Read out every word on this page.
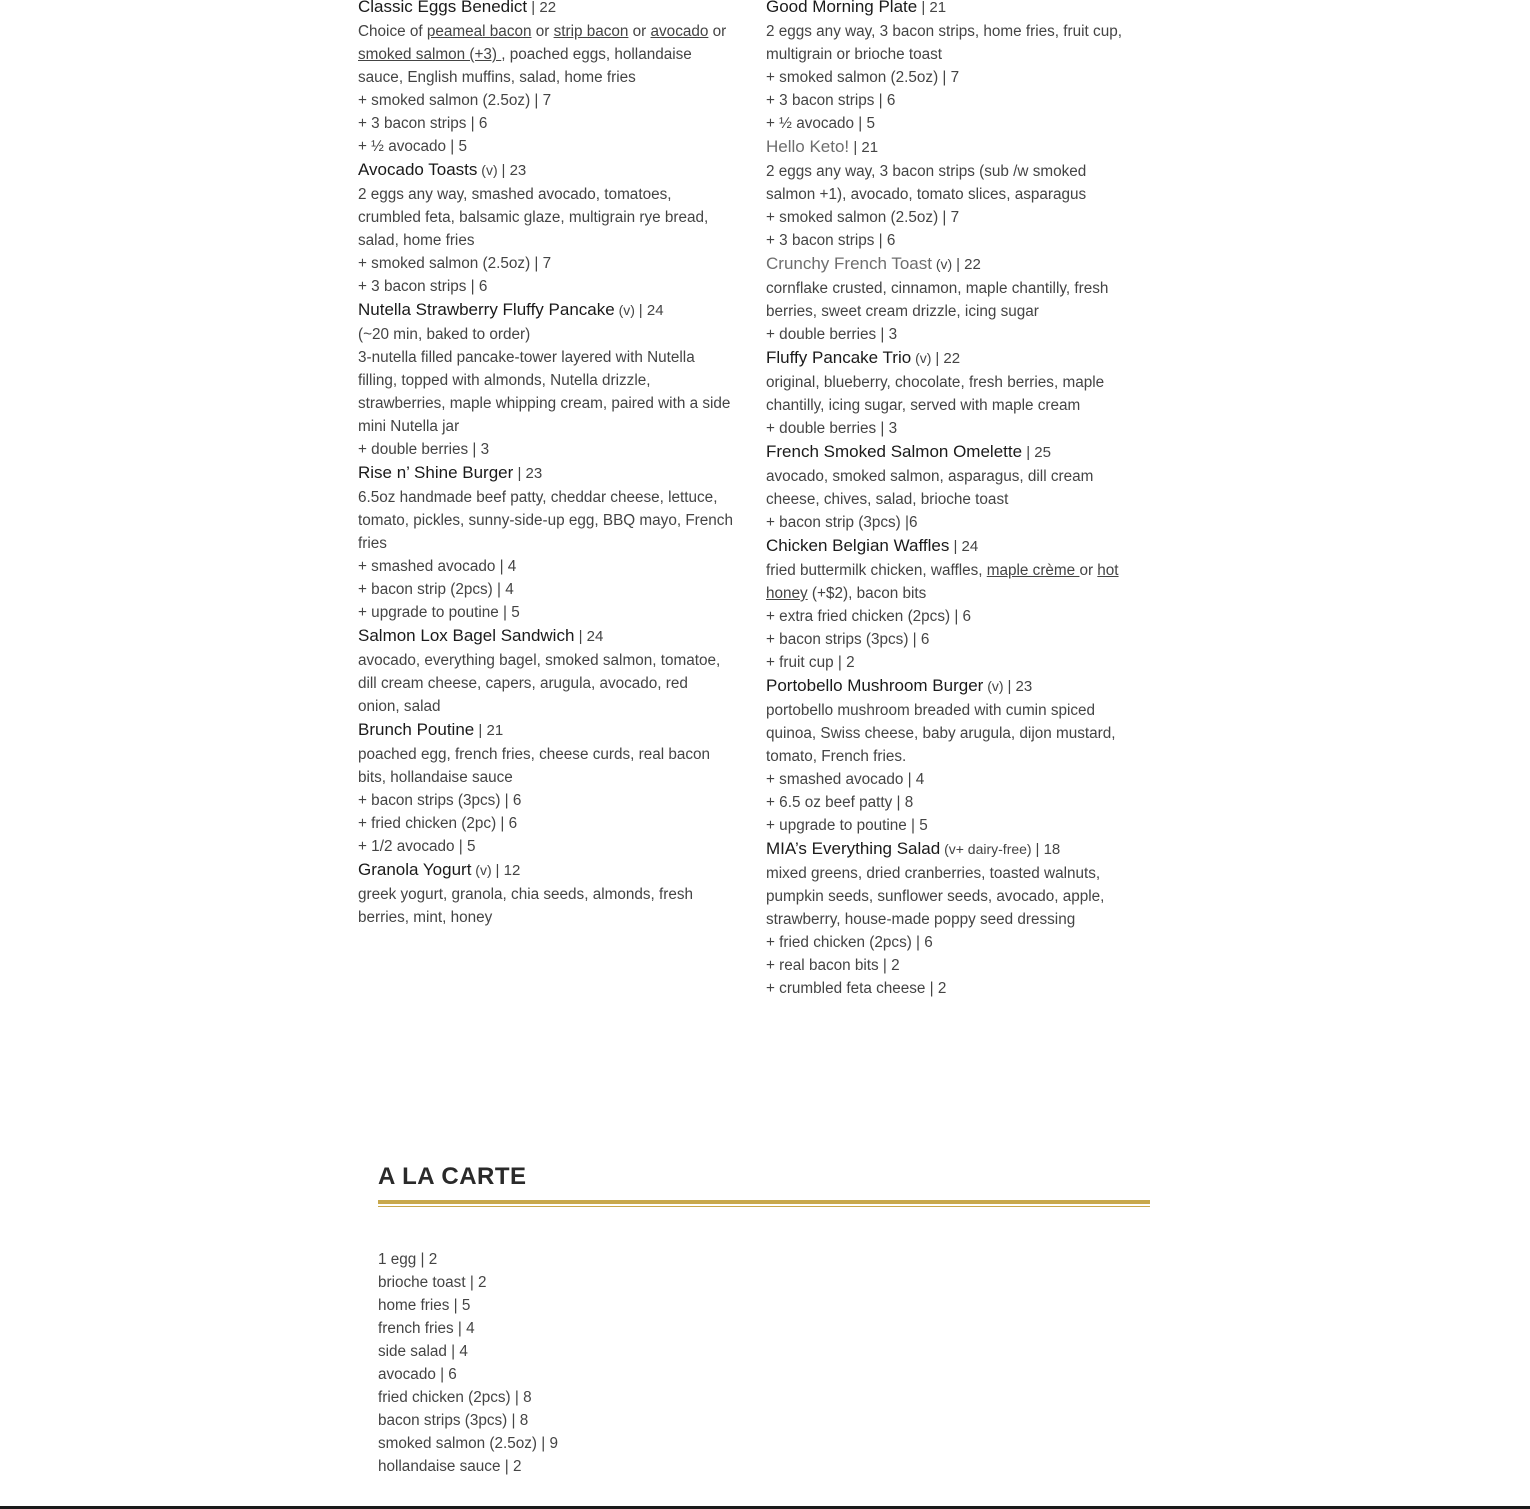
Classic Eggs Benedict | 22
Choice of peameal bacon or strip bacon or avocado or smoked salmon (+3) , poached eggs, hollandaise sauce, English muffins, salad, home fries
+ smoked salmon (2.5oz) | 7
+ 3 bacon strips | 6
+ ½ avocado | 5
Avocado Toasts (v) | 23
2 eggs any way, smashed avocado, tomatoes, crumbled feta, balsamic glaze, multigrain rye bread, salad, home fries
+ smoked salmon (2.5oz) | 7
+ 3 bacon strips | 6
Nutella Strawberry Fluffy Pancake (v) | 24
(~20 min, baked to order)
3-nutella filled pancake-tower layered with Nutella filling, topped with almonds, Nutella drizzle, strawberries, maple whipping cream, paired with a side mini Nutella jar
+ double berries | 3
Rise n’ Shine Burger | 23
6.5oz handmade beef patty, cheddar cheese, lettuce, tomato, pickles, sunny-side-up egg, BBQ mayo, French fries
+ smashed avocado | 4
+ bacon strip (2pcs) | 4
+ upgrade to poutine | 5
Salmon Lox Bagel Sandwich | 24
avocado, everything bagel, smoked salmon, tomatoe, dill cream cheese, capers, arugula, avocado, red onion, salad
Brunch Poutine | 21
poached egg, french fries, cheese curds, real bacon bits, hollandaise sauce
+ bacon strips (3pcs) | 6
+ fried chicken (2pc) | 6
+ 1/2 avocado | 5
Granola Yogurt (v) | 12
greek yogurt, granola, chia seeds, almonds, fresh berries, mint, honey
Good Morning Plate | 21
2 eggs any way, 3 bacon strips, home fries, fruit cup, multigrain or brioche toast
+ smoked salmon (2.5oz) | 7
+ 3 bacon strips | 6
+ ½ avocado | 5
Hello Keto! | 21
2 eggs any way, 3 bacon strips (sub /w smoked salmon +1), avocado, tomato slices, asparagus
+ smoked salmon (2.5oz) | 7
+ 3 bacon strips | 6
Crunchy French Toast (v) | 22
cornflake crusted, cinnamon, maple chantilly, fresh berries, sweet cream drizzle, icing sugar
+ double berries | 3
Fluffy Pancake Trio (v) | 22
original, blueberry, chocolate, fresh berries, maple chantilly, icing sugar, served with maple cream
+ double berries | 3
French Smoked Salmon Omelette | 25
avocado, smoked salmon, asparagus, dill cream cheese, chives, salad, brioche toast
+ bacon strip (3pcs) |6
Chicken Belgian Waffles | 24
fried buttermilk chicken, waffles, maple crème or hot honey (+$2), bacon bits
+ extra fried chicken (2pcs) | 6
+ bacon strips (3pcs) | 6
+ fruit cup | 2
Portobello Mushroom Burger (v) | 23
portobello mushroom breaded with cumin spiced quinoa, Swiss cheese, baby arugula, dijon mustard, tomato, French fries.
+ smashed avocado | 4
+ 6.5 oz beef patty | 8
+ upgrade to poutine | 5
MIA’s Everything Salad (v+ dairy-free) | 18
mixed greens, dried cranberries, toasted walnuts, pumpkin seeds, sunflower seeds, avocado, apple, strawberry, house-made poppy seed dressing
+ fried chicken (2pcs) | 6
+ real bacon bits | 2
+ crumbled feta cheese | 2
A LA CARTE
1 egg | 2
brioche toast | 2
home fries | 5
french fries | 4
side salad | 4
avocado | 6
fried chicken (2pcs) | 8
bacon strips (3pcs) | 8
smoked salmon (2.5oz) | 9
hollandaise sauce | 2
